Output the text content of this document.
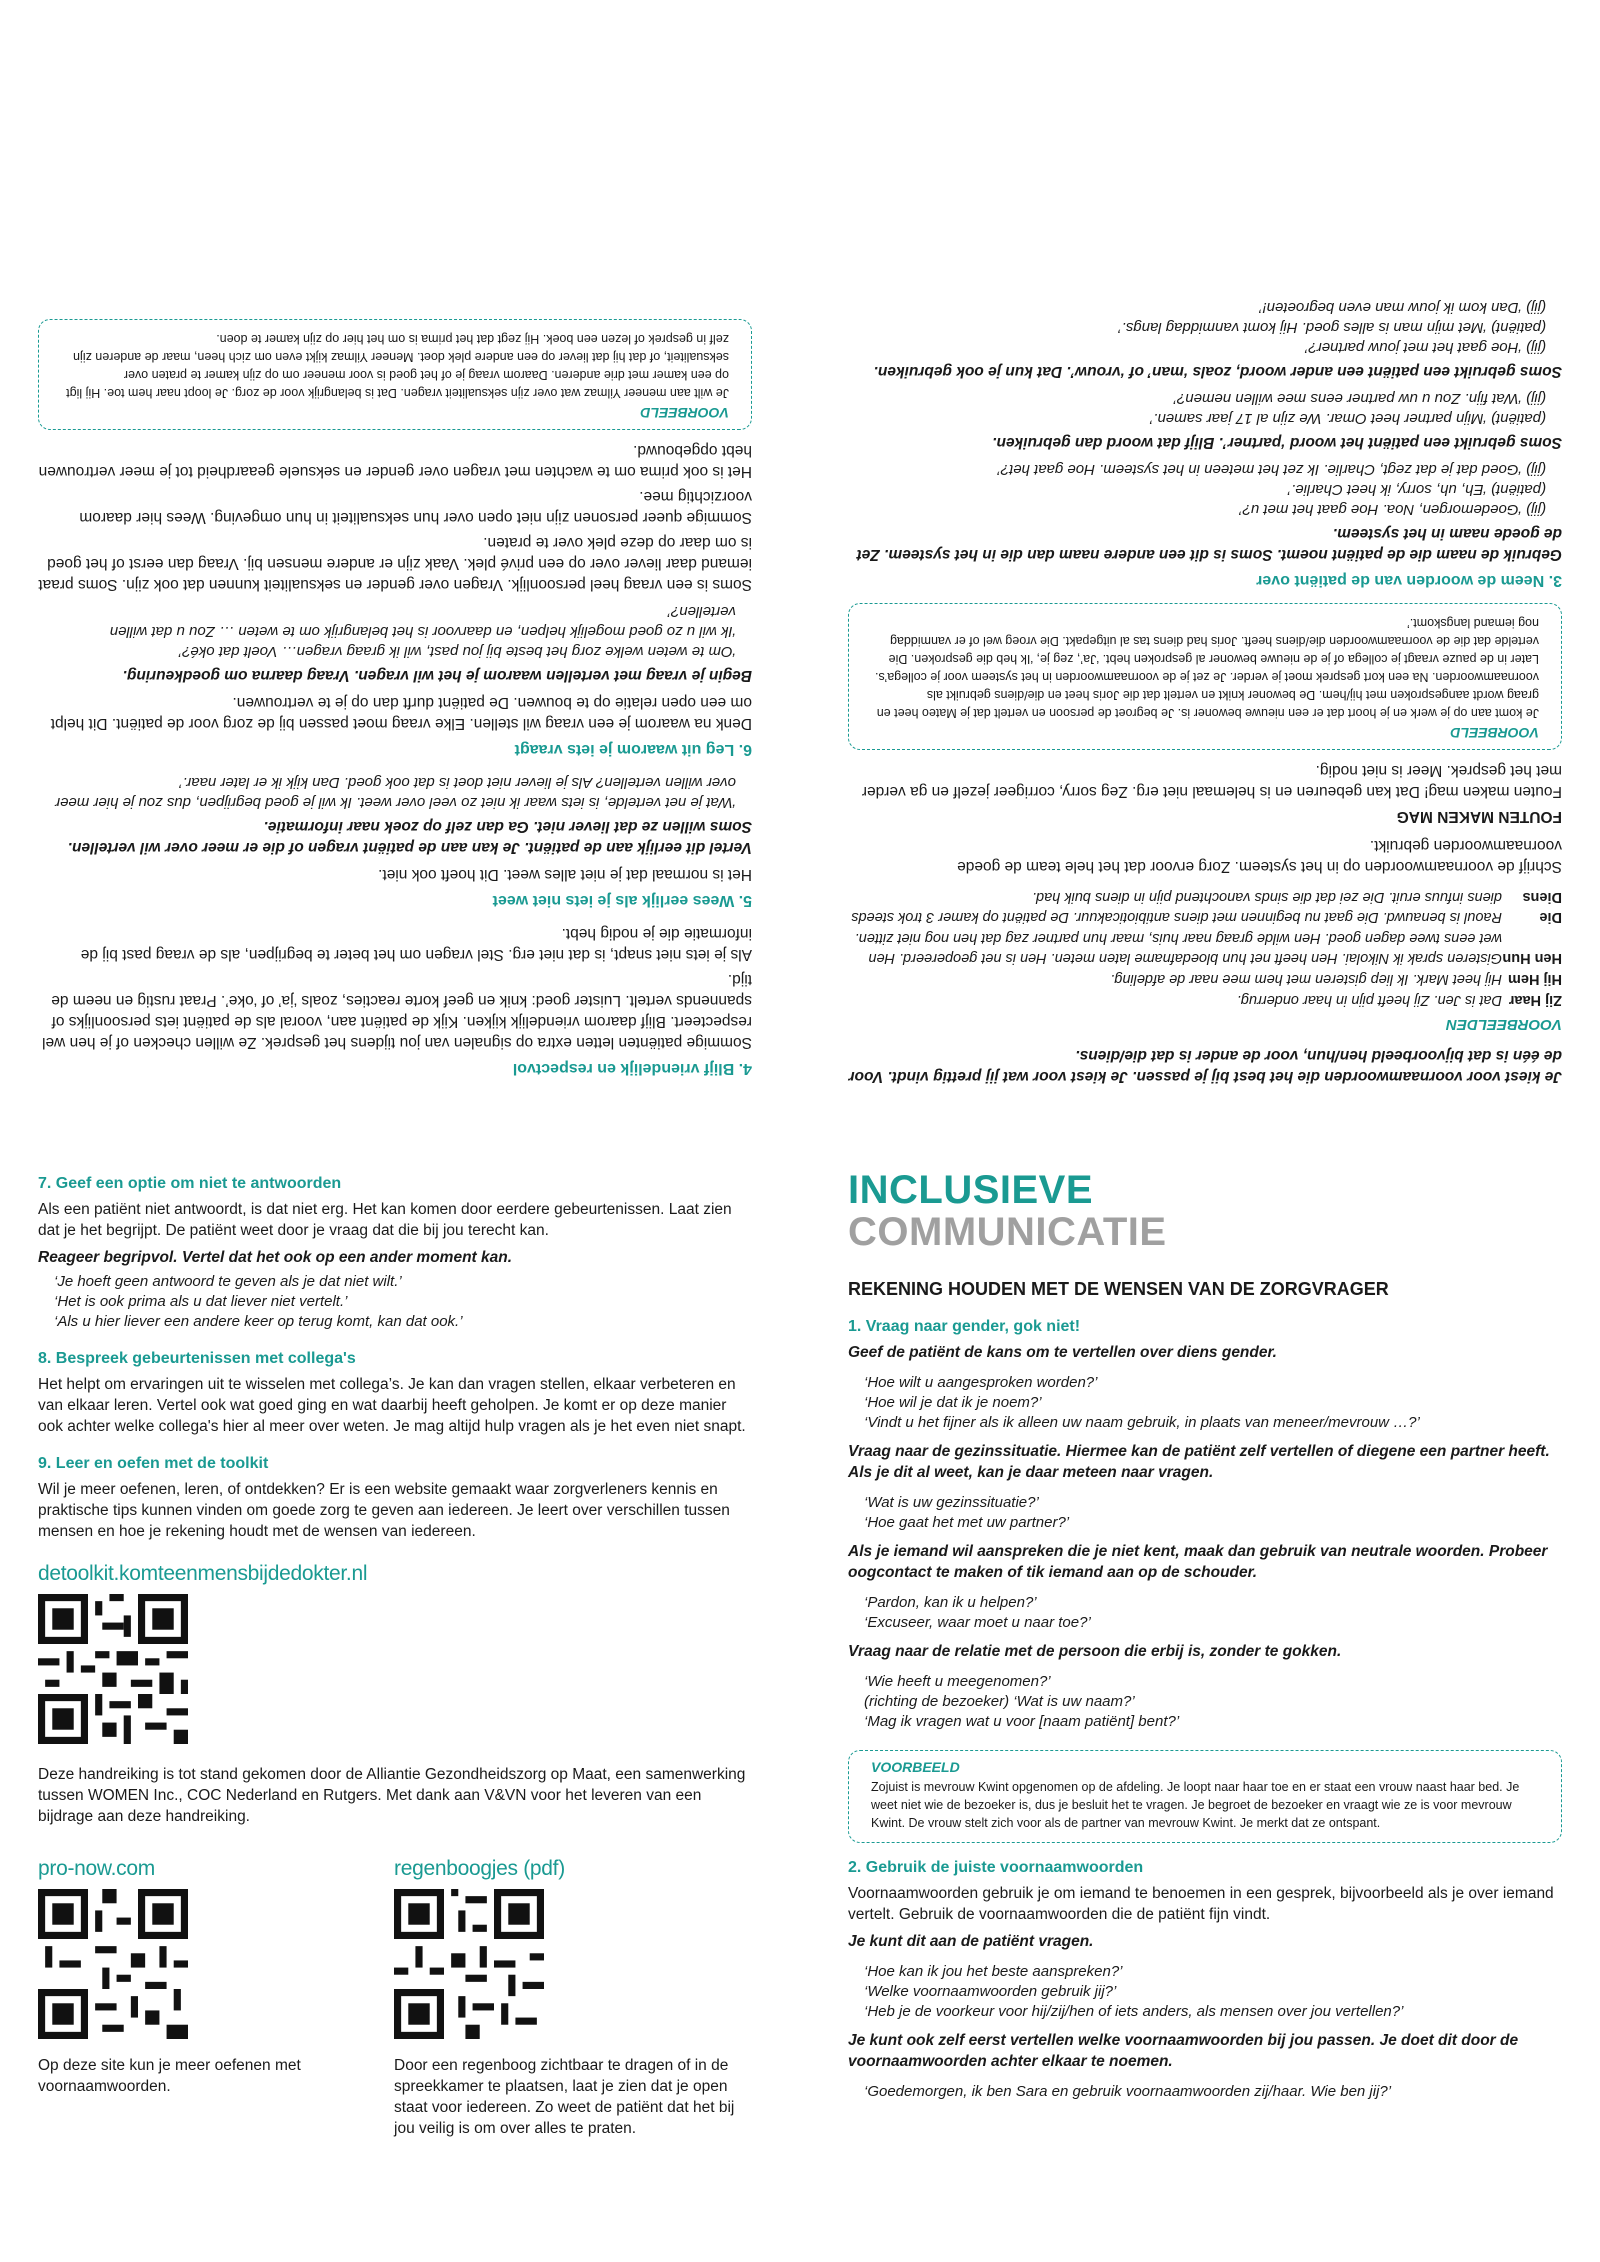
4. Blijf vriendelijk en respectvol

Sommige patiënten letten extra op signalen van jou tijdens het gesprek. Ze willen checken of je hen wel respecteert. Blijf daarom vriendelijk kijken. Kijk de patiënt aan, vooral als de patiënt iets persoonlijks of spannends vertelt. Luister goed: knik en geef korte reacties, zoals ‘ja’ of ‘oke’. Praat rustig en neem de tijd.

Als je iets niet snapt, is dat niet erg. Stel vragen om het beter te begrijpen, als de vraag past bij de informatie die je nodig hebt.

5. Wees eerlijk als je iets niet weet

Het is normaal dat je niet alles weet. Dit hoeft ook niet.

Vertel dit eerlijk aan de patiënt. Je kan aan de patiënt vragen of die er meer over wil vertellen. Soms willen ze dat liever niet. Ga dan zelf op zoek naar informatie.
‘Wat je net vertelde, is iets waar ik niet zo veel over weet. Ik wil je goed begrijpen, dus zou je hier meer over willen vertellen? Als je liever niet doet is dat ook goed. Dan kijk ik er later naar.’
6. Leg uit waarom je iets vraagt

Denk na waarom je een vraag wil stellen. Elke vraag moet passen bij de zorg voor de patiënt. Dit helpt om een open relatie op te bouwen. De patiënt durft dan op je te vertrouwen.

Begin je vraag met vertellen waarom je het wil vragen. Vraag daarna om goedkeuring.
‘Om te weten welke zorg het beste bij jou past, wil ik graag vragen… Voelt dat oké?’
‘Ik wil u zo goed mogelijk helpen, en daarvoor is het belangrijk om te weten … Zou u dat willen vertellen?’

Soms is een vraag heel persoonlijk. Vragen over gender en seksualiteit kunnen dat ook zijn. Soms praat iemand daar liever over op een privé plek. Vaak zijn er andere mensen bij. Vraag dan eerst of het goed is om daar op deze plek over te praten.

Sommige queer personen zijn niet open over hun seksualiteit in hun omgeving. Wees hier daarom voorzichtig mee.

Het is ook prima om te wachten met vragen over gender en seksuele geaardheid tot je meer vertrouwen hebt opgebouwd.

VOORBEELD
Je wilt aan meneer Yilmaz wat over zijn seksualiteit vragen. Dat is belangrijk voor de zorg. Je loopt naar hem toe. Hij ligt op een kamer met drie anderen. Daarom vraag je of het goed is voor meneer om op zijn kamer te praten over seksualiteit, of dat hij dat liever op een andere plek doet. Meneer Yilmaz kijkt even om zich heen, maar de anderen zijn zelf in gesprek of lezen een boek. Hij zegt dat het prima is om het hier op zijn kamer te doen.
Je kiest voor voornaamwoorden die het best bij je passen. Je kiest voor wat jij prettig vindt. Voor de één is dat bijvoorbeeld hen/hun, voor de ander is dat die/diens.
VOORBEELDEN
Zij Haar
Dat is Jen. Zij heeft pijn in haar onderrug.
Hij Hem
Hij heet Mark. Ik liep gisteren met hem mee naar de afdeling.
Hen Hun
Gisteren sprak ik Nikolai. Hen heeft net hun bloedafname laten meten. Hen is net geopereerd. Hen wet eens twee dagen goed. Hen wilde graag naar huis, maar hun partner zag dat hen nog niet zitten.
Die Diens
Raoul is benauwd. Die gaat nu beginnen met diens antibioticakuur. De patiënt op kamer 3 trok steeds diens infuus eruit. Die zei dat die sinds vanochtend pijn in diens buik had.

Schrijf de voornaamwoorden op in het systeem. Zorg ervoor dat het hele team de goede voornaamwoorden gebruikt.

FOUTEN MAKEN MAG

Fouten maken mag! Dat kan gebeuren en is helemaal niet erg. Zeg sorry, corrigeer jezelf en ga verder met het gesprek. Meer is niet nodig.

VOORBEELD
Je komt aan op je werk en je hoort dat er een nieuwe bewoner is. Je begroet de persoon en vertelt dat je Mateo heet en graag wordt aangesproken met hij/hem. De bewoner knikt en vertelt dat die Joris heet en die/diens gebruikt als voornaamwoorden. Na een kort gesprek moet je verder. Je zet je de voornaamwoorden in het systeem voor je collega’s. Later in de pauze vraagt je collega of je de nieuwe bewoner al gesproken hebt. ‘Ja’, zeg je, ‘Ik heb die gesproken. Die vertelde dat die de voornaamwoorden die/diens heeft. Joris had diens tas al uitgepakt. Die vroeg wel of er vanmiddag nog iemand langskomt.’
3. Neem de woorden van de patiënt over
Gebruik de naam die de patiënt noemt. Soms is dit een andere naam dan die in het systeem. Zet de goede naam in het systeem.
(jij) ‘Goedemorgen, Noa. Hoe gaat het met u?’
(patiënt) ‘Eh, uh, sorry, ik heet Charlie.’
(jij) ‘Goed dat je dat zegt, Charlie. Ik zet het meteen in het systeem. Hoe gaat het?’
Soms gebruikt een patiënt het woord ‘partner’. Blijf dat woord dan gebruiken.
(patiënt) ‘Mijn partner heet Omar. We zijn al 17 jaar samen.’
(jij) ‘Wat fijn. Zou u uw partner eens mee willen nemen?’
Soms gebruikt een patiënt een ander woord, zoals ‘man’ of ‘vrouw’. Dat kun je ook gebruiken.
(jij) ‘Hoe gaat het met jouw partner?’
(patiënt) ‘Met mijn man is alles goed. Hij komt vanmiddag langs.’
(jij) ‘Dan kom ik jouw man even begroeten!’
7. Geef een optie om niet te antwoorden

Als een patiënt niet antwoordt, is dat niet erg. Het kan komen door eerdere gebeurtenissen. Laat zien dat je het begrijpt. De patiënt weet door je vraag dat die bij jou terecht kan.

Reageer begripvol. Vertel dat het ook op een ander moment kan.
‘Je hoeft geen antwoord te geven als je dat niet wilt.’
‘Het is ook prima als u dat liever niet vertelt.’
‘Als u hier liever een andere keer op terug komt, kan dat ook.’
8. Bespreek gebeurtenissen met collega's

Het helpt om ervaringen uit te wisselen met collega’s. Je kan dan vragen stellen, elkaar verbeteren en van elkaar leren. Vertel ook wat goed ging en wat daarbij heeft geholpen. Je komt er op deze manier ook achter welke collega's hier al meer over weten. Je mag altijd hulp vragen als je het even niet snapt.

9. Leer en oefen met de toolkit

Wil je meer oefenen, leren, of ontdekken? Er is een website gemaakt waar zorgverleners kennis en praktische tips kunnen vinden om goede zorg te geven aan iedereen. Je leert over verschillen tussen mensen en hoe je rekening houdt met de wensen van iedereen.

detoolkit.komteenmensbijdedokter.nl

Deze handreiking is tot stand gekomen door de Alliantie Gezondheidszorg op Maat, een samenwerking tussen WOMEN Inc., COC Nederland en Rutgers. Met dank aan V&VN voor het leveren van een bijdrage aan deze handreiking.

pro-now.com

Op deze site kun je meer oefenen met voornaamwoorden.

regenboogjes (pdf)

Door een regenboog zichtbaar te dragen of in de spreekkamer te plaatsen, laat je zien dat je open staat voor iedereen. Zo weet de patiënt dat het bij jou veilig is om over alles te praten.

INCLUSIEVE
COMMUNICATIE
REKENING HOUDEN MET DE WENSEN VAN DE ZORGVRAGER
1. Vraag naar gender, gok niet!
Geef de patiënt de kans om te vertellen over diens gender.
‘Hoe wilt u aangesproken worden?’
‘Hoe wil je dat ik je noem?’
‘Vindt u het fijner als ik alleen uw naam gebruik, in plaats van meneer/mevrouw …?’
Vraag naar de gezinssituatie. Hiermee kan de patiënt zelf vertellen of diegene een partner heeft. Als je dit al weet, kan je daar meteen naar vragen.
‘Wat is uw gezinssituatie?’
‘Hoe gaat het met uw partner?’
Als je iemand wil aanspreken die je niet kent, maak dan gebruik van neutrale woorden. Probeer oogcontact te maken of tik iemand aan op de schouder.
‘Pardon, kan ik u helpen?’
‘Excuseer, waar moet u naar toe?’
Vraag naar de relatie met de persoon die erbij is, zonder te gokken.
‘Wie heeft u meegenomen?’
(richting de bezoeker) ‘Wat is uw naam?’
‘Mag ik vragen wat u voor [naam patiënt] bent?’
VOORBEELD
Zojuist is mevrouw Kwint opgenomen op de afdeling. Je loopt naar haar toe en er staat een vrouw naast haar bed. Je weet niet wie de bezoeker is, dus je besluit het te vragen. Je begroet de bezoeker en vraagt wie ze is voor mevrouw Kwint. De vrouw stelt zich voor als de partner van mevrouw Kwint. Je merkt dat ze ontspant.
2. Gebruik de juiste voornaamwoorden

Voornaamwoorden gebruik je om iemand te benoemen in een gesprek, bijvoorbeeld als je over iemand vertelt. Gebruik de voornaamwoorden die de patiënt fijn vindt.

Je kunt dit aan de patiënt vragen.
‘Hoe kan ik jou het beste aanspreken?’
‘Welke voornaamwoorden gebruik jij?’
‘Heb je de voorkeur voor hij/zij/hen of iets anders, als mensen over jou vertellen?’
Je kunt ook zelf eerst vertellen welke voornaamwoorden bij jou passen. Je doet dit door de voornaamwoorden achter elkaar te noemen.
‘Goedemorgen, ik ben Sara en gebruik voornaamwoorden zij/haar. Wie ben jij?’
